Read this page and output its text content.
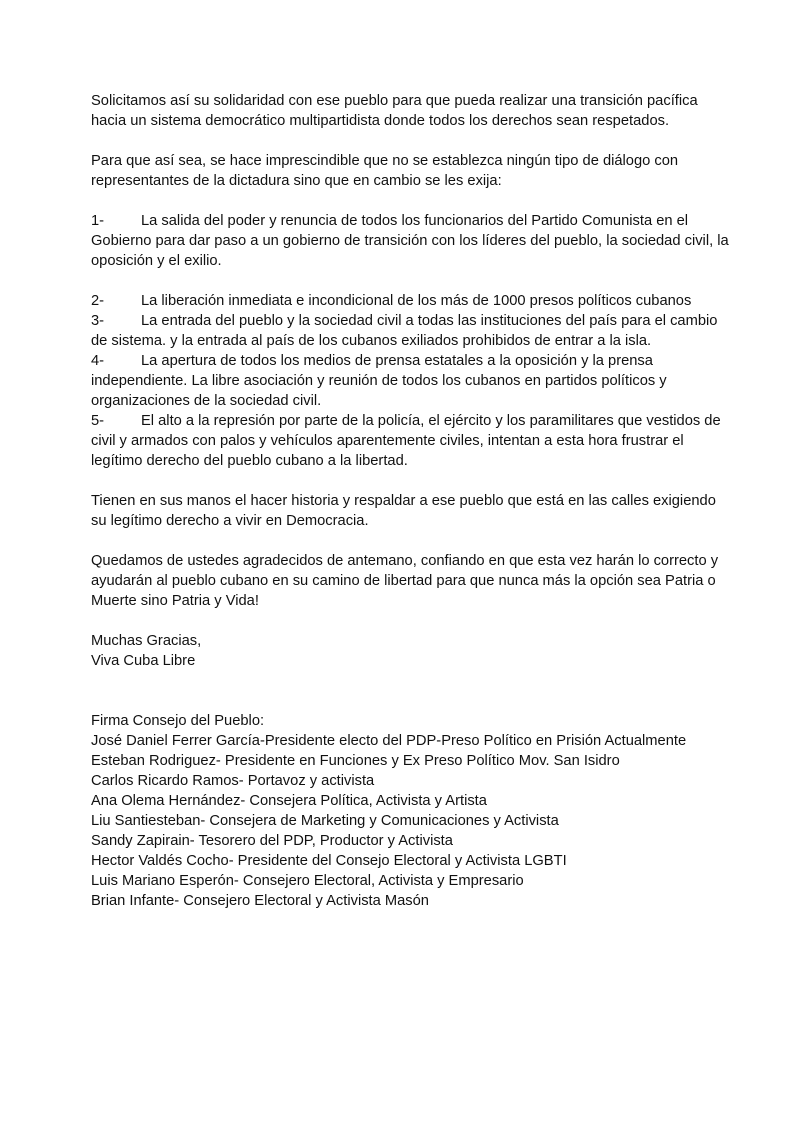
Solicitamos así su solidaridad con ese pueblo para que pueda realizar una transición pacífica hacia un sistema democrático multipartidista donde todos los derechos sean respetados.

Para que así sea, se hace imprescindible que no se establezca ningún tipo de diálogo con representantes de la dictadura sino que en cambio se les exija:

1-	La salida del poder y renuncia de todos los funcionarios del Partido Comunista en el Gobierno para dar paso a un gobierno de transición con los líderes del pueblo, la sociedad civil, la oposición y el exilio.
2-	La liberación inmediata e incondicional de los más de 1000 presos políticos cubanos
3-	La entrada del pueblo y la sociedad civil a todas las instituciones del país para el cambio de sistema. y la entrada al país de los cubanos exiliados prohibidos de entrar a la isla.
4-	La apertura de todos los medios de prensa estatales a la oposición y la prensa independiente. La libre asociación y reunión de todos los cubanos en partidos políticos y organizaciones de la sociedad civil.
5-	El alto a la represión por parte de la policía, el ejército y los paramilitares que vestidos de civil y armados con palos y vehículos aparentemente civiles, intentan a esta hora frustrar el legítimo derecho del pueblo cubano a la libertad.

Tienen en sus manos el hacer historia y respaldar a ese pueblo que está en las calles exigiendo su legítimo derecho a vivir en Democracia.

Quedamos de ustedes agradecidos de antemano, confiando en que esta vez harán lo correcto y ayudarán al pueblo cubano en su camino de libertad para que nunca más la opción sea Patria o Muerte sino Patria y Vida!

Muchas Gracias,

Viva Cuba Libre

Firma Consejo del Pueblo:

José Daniel Ferrer García-Presidente electo del PDP-Preso Político en Prisión Actualmente
Esteban Rodriguez- Presidente en Funciones y Ex Preso Político Mov. San Isidro
Carlos Ricardo Ramos- Portavoz y activista
Ana Olema Hernández- Consejera Política, Activista y Artista
Liu Santiesteban- Consejera de Marketing y Comunicaciones y Activista
Sandy Zapirain- Tesorero del PDP, Productor y Activista
Hector Valdés Cocho- Presidente del Consejo Electoral y Activista LGBTI
Luis Mariano Esperón- Consejero Electoral, Activista y Empresario
Brian Infante- Consejero Electoral y Activista Masón
